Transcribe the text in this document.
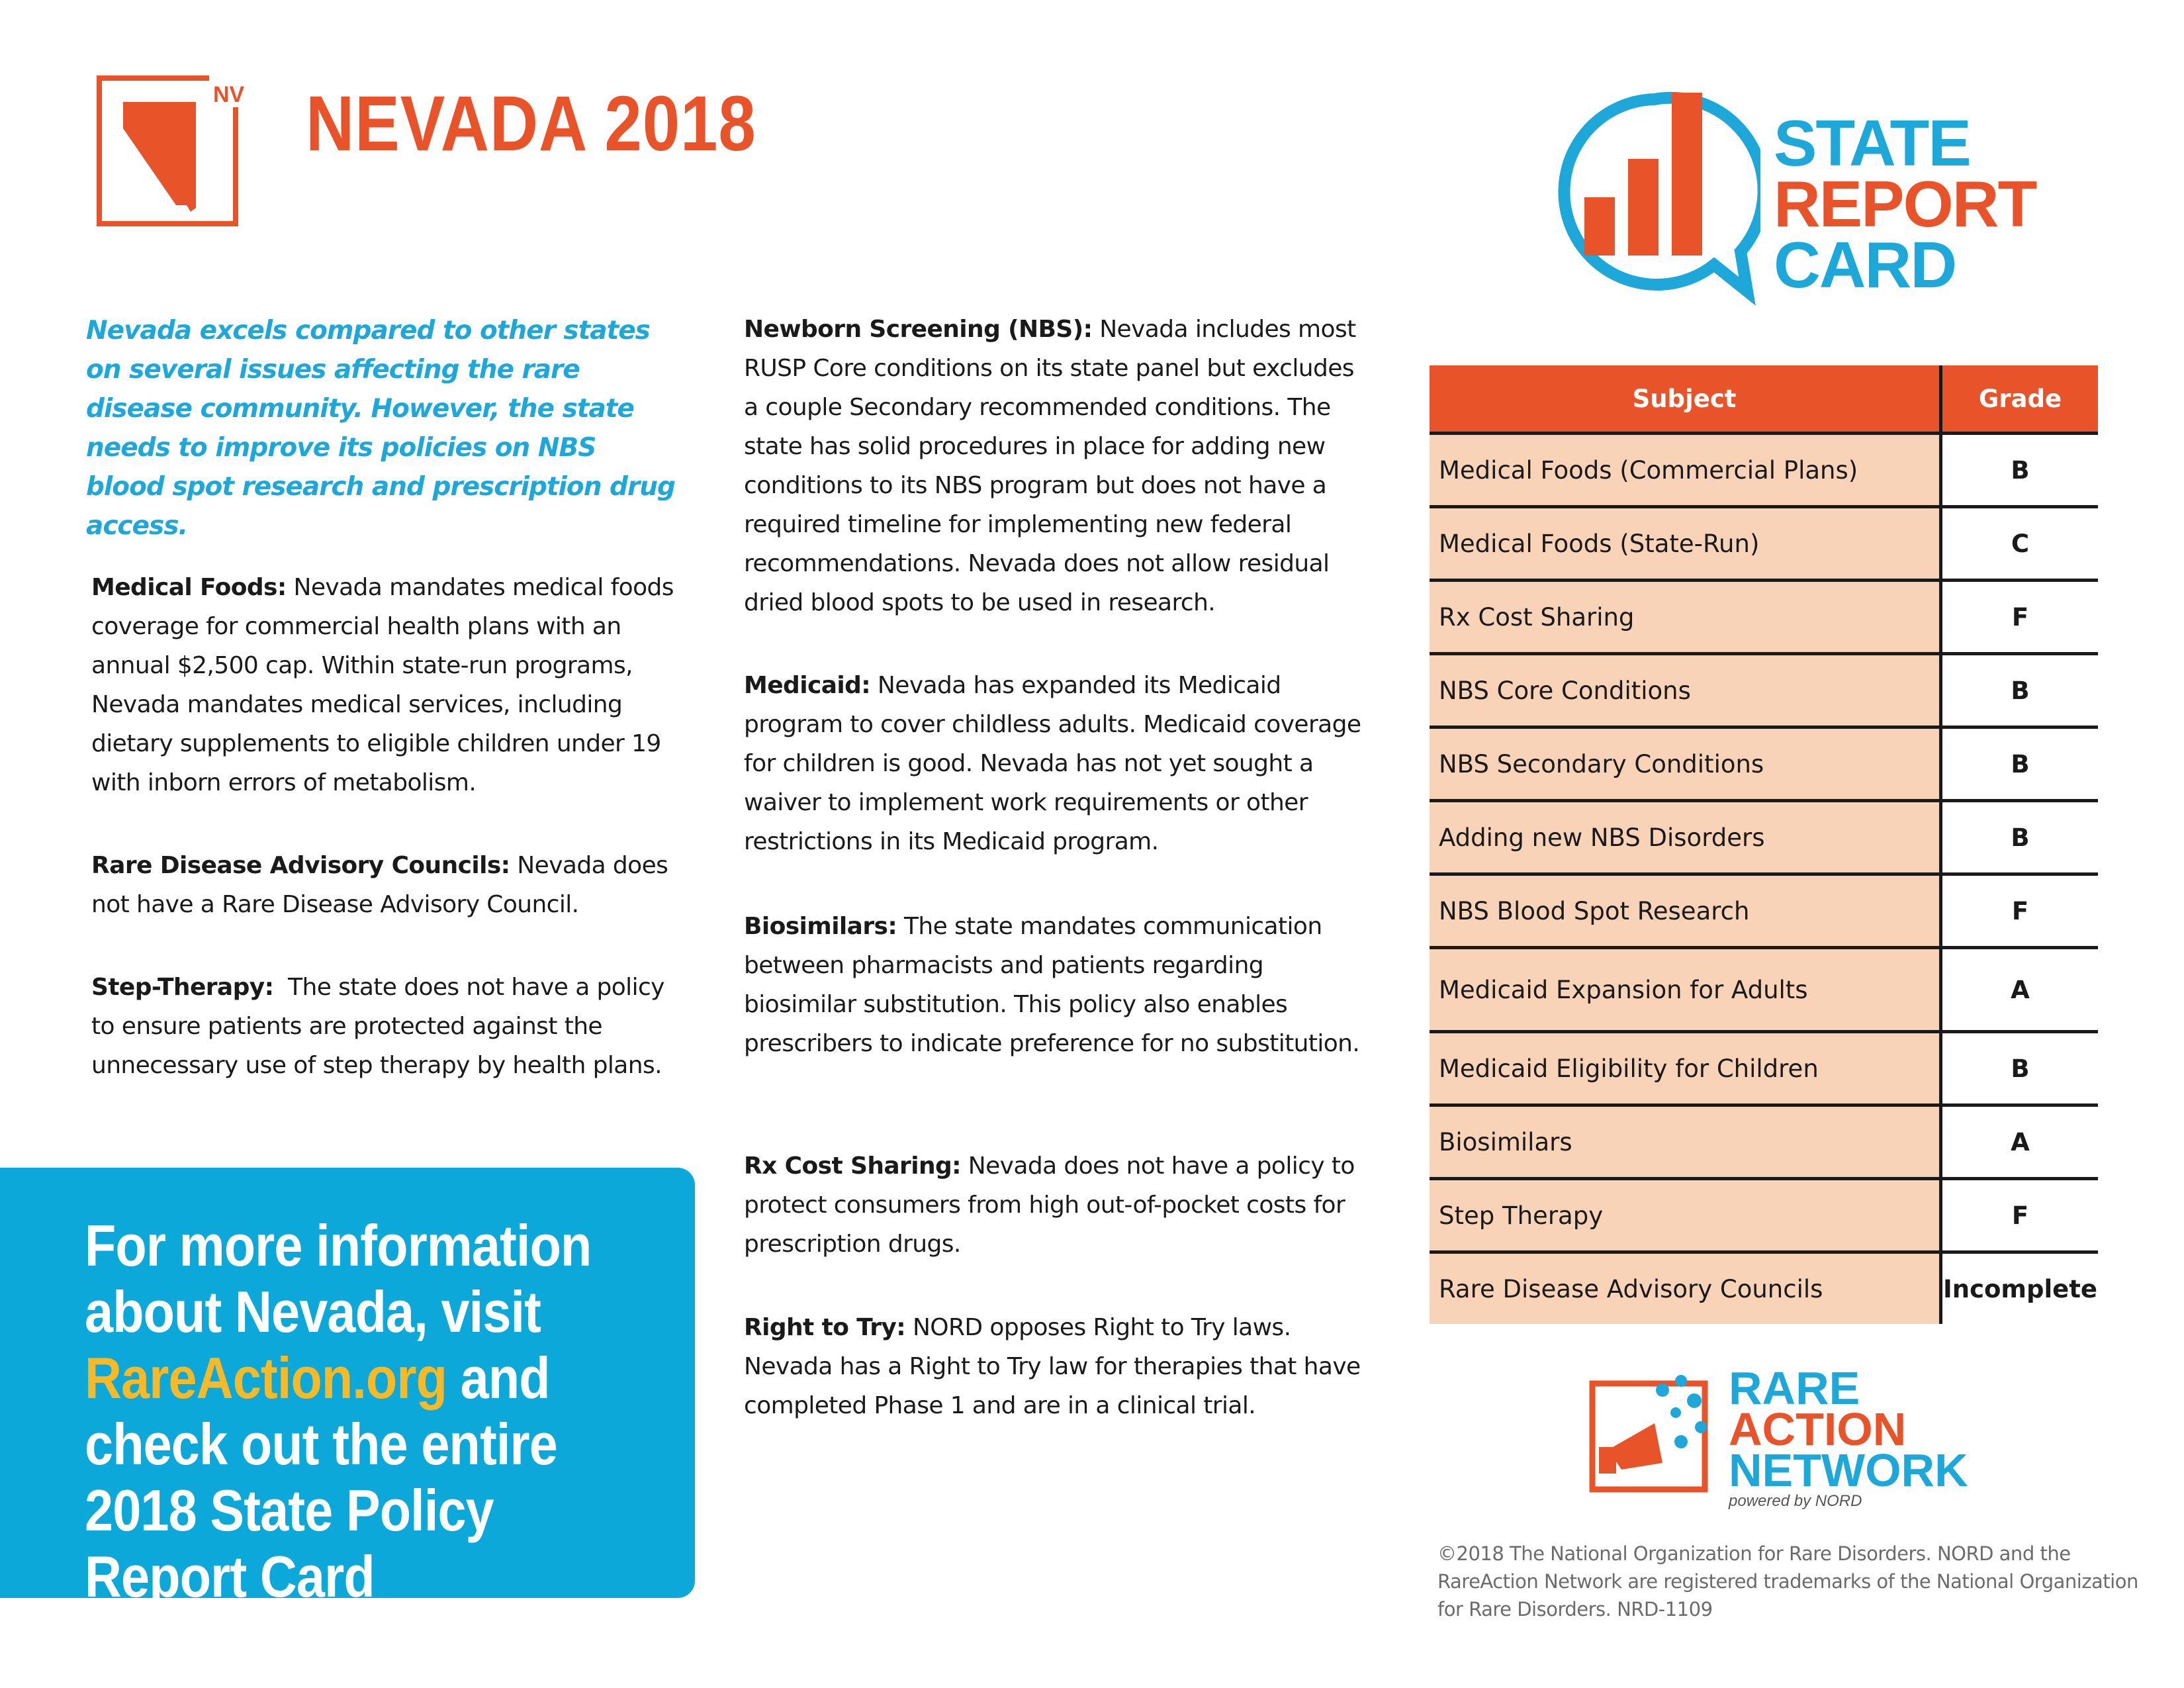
NV NEVADA 2018	STATE
REPORT
CARD
Nevada excels compared to other states on several issues affecting the rare disease community. However, the state needs to improve its policies on NBS blood spot research and prescription drug access.
Medical Foods: Nevada mandates medical foods coverage for commercial health plans with an annual $2,500 cap. Within state-run programs, Nevada mandates medical services, including dietary supplements to eligible children under 19 with inborn errors of metabolism.
Rare Disease Advisory Councils: Nevada does not have a Rare Disease Advisory Council.
Step-Therapy:  The state does not have a policy to ensure patients are protected against the unnecessary use of step therapy by health plans.
Newborn Screening (NBS): Nevada includes most RUSP Core conditions on its state panel but excludes a couple Secondary recommended conditions. The state has solid procedures in place for adding new conditions to its NBS program but does not have a required timeline for implementing new federal recommendations. Nevada does not allow residual dried blood spots to be used in research.
Medicaid: Nevada has expanded its Medicaid program to cover childless adults. Medicaid coverage for children is good. Nevada has not yet sought a waiver to implement work requirements or other restrictions in its Medicaid program.
Biosimilars: The state mandates communication between pharmacists and patients regarding biosimilar substitution. This policy also enables prescribers to indicate preference for no substitution.
Rx Cost Sharing: Nevada does not have a policy to protect consumers from high out-of-pocket costs for prescription drugs.
Right to Try: NORD opposes Right to Try laws. Nevada has a Right to Try law for therapies that have completed Phase 1 and are in a clinical trial.
For more information about Nevada, visit RareAction.org and check out the entire 2018 State Policy Report Card
Subject	Grade
Medical Foods (Commercial Plans)	B
Medical Foods (State-Run)	C
Rx Cost Sharing	F
NBS Core Conditions	B
NBS Secondary Conditions	B
Adding new NBS Disorders	B
NBS Blood Spot Research	F
Medicaid Expansion for Adults	A
Medicaid Eligibility for Children	B
Biosimilars	A
Step Therapy	F
Rare Disease Advisory Councils	Incomplete
RARE
ACTION
NETWORK
powered by NORD
©2018 The National Organization for Rare Disorders. NORD and the RareAction Network are registered trademarks of the National Organization for Rare Disorders. NRD-1109
